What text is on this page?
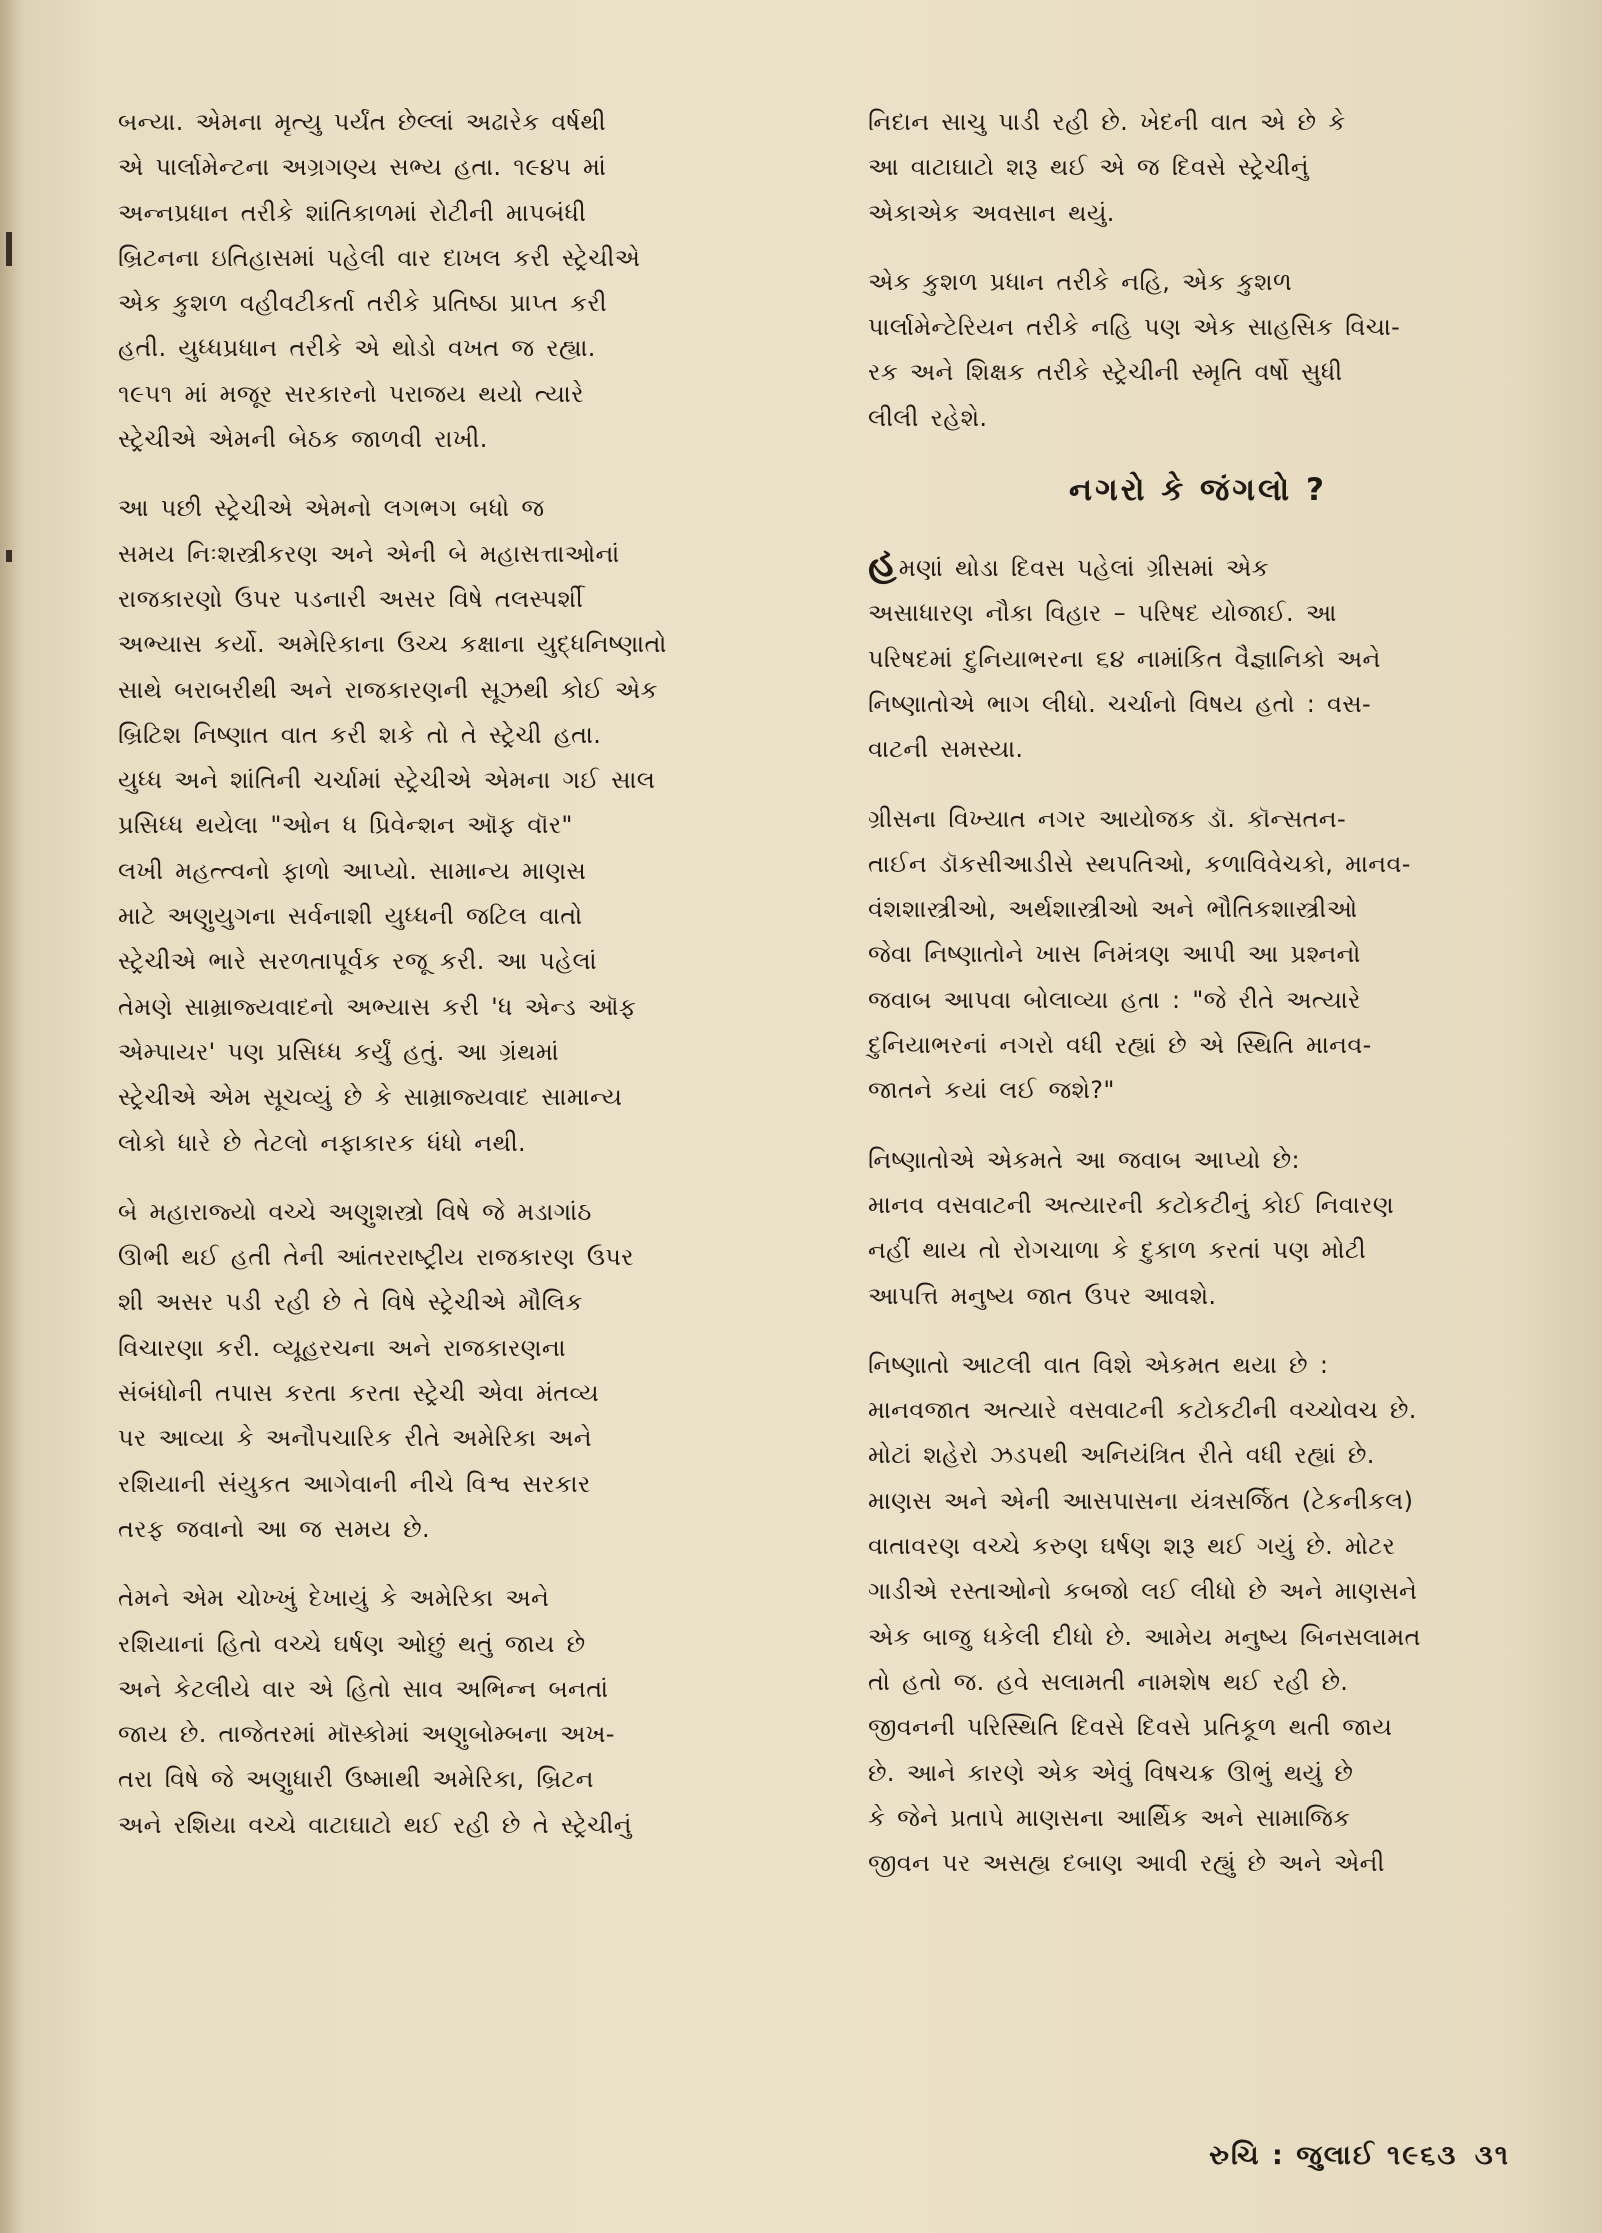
બન્યા. એમના મૃત્યુ પર્યંત છેલ્લાં અઢારેક વર્ષથી
એ પાર્લામેન્ટના અગ્રગણ્ય સભ્ય હતા. ૧૯૪૫ માં
અન્નપ્રધાન તરીકે શાંતિકાળમાં રોટીની માપબંધી
બ્રિટનના ઇતિહાસમાં પહેલી વાર દાખલ કરી સ્ટ્રેચીએ
એક કુશળ વહીવટીકર્તા તરીકે પ્રતિષ્ઠા પ્રાપ્ત કરી
હતી. યુધ્ધપ્રધાન તરીકે એ થોડો વખત જ રહ્યા.
૧૯૫૧ માં મજૂર સરકારનો પરાજય થયો ત્યારે
સ્ટ્રેચીએ એમની બેઠક જાળવી રાખી.

આ પછી સ્ટ્રેચીએ એમનો લગભગ બધો જ
સમય નિઃશસ્ત્રીકરણ અને એની બે મહાસત્તાઓનાં
રાજકારણો ઉપર પડનારી અસર વિષે તલસ્પર્શી
અભ્યાસ કર્યો. અમેરિકાના ઉચ્ચ કક્ષાના યુદ્ધનિષ્ણાતો
સાથે બરાબરીથી અને રાજકારણની સૂઝથી કોઈ એક
બ્રિટિશ નિષ્ણાત વાત કરી શકે તો તે સ્ટ્રેચી હતા.
યુધ્ધ અને શાંતિની ચર્ચામાં સ્ટ્રેચીએ એમના ગઈ સાલ
પ્રસિધ્ધ થયેલા "ઓન ધ પ્રિવેન્શન ઑફ વૉર"
લખી મહત્ત્વનો ફાળો આપ્યો. સામાન્ય માણસ
માટે અણુયુગના સર્વનાશી યુધ્ધની જટિલ વાતો
સ્ટ્રેચીએ ભારે સરળતાપૂર્વક રજૂ કરી. આ પહેલાં
તેમણે સામ્રાજ્યવાદનો અભ્યાસ કરી 'ધ એન્ડ ઑફ
એમ્પાયર' પણ પ્રસિધ્ધ કર્યું હતું. આ ગ્રંથમાં
સ્ટ્રેચીએ એમ સૂચવ્યું છે કે સામ્રાજ્યવાદ સામાન્ય
લોકો ધારે છે તેટલો નફાકારક ધંધો નથી.

બે મહારાજ્યો વચ્ચે અણુશસ્ત્રો વિષે જે મડાગાંઠ
ઊભી થઈ હતી તેની આંતરરાષ્ટ્રીય રાજકારણ ઉપર
શી અસર પડી રહી છે તે વિષે સ્ટ્રેચીએ મૌલિક
વિચારણા કરી. વ્યૂહરચના અને રાજકારણના
સંબંધોની તપાસ કરતા કરતા સ્ટ્રેચી એવા મંતવ્ય
પર આવ્યા કે અનૌપચારિક રીતે અમેરિકા અને
રશિયાની સંયુકત આગેવાની નીચે વિશ્વ સરકાર
તરફ જવાનો આ જ સમય છે.

તેમને એમ ચોખ્ખું દેખાયું કે અમેરિકા અને
રશિયાનાં હિતો વચ્ચે ઘર્ષણ ઓછું થતું જાય છે
અને કેટલીયે વાર એ હિતો સાવ અભિન્ન બનતાં
જાય છે. તાજેતરમાં મૉસ્કોમાં અણુબોમ્બના અખ-
તરા વિષે જે અણુધારી ઉષ્માથી અમેરિકા, બ્રિટન
અને રશિયા વચ્ચે વાટાઘાટો થઈ રહી છે તે સ્ટ્રેચીનું

નિદાન સાચુ પાડી રહી છે. ખેદની વાત એ છે કે
આ વાટાઘાટો શરૂ થઈ એ જ દિવસે સ્ટ્રેચીનું
એકાએક અવસાન થયું.

એક કુશળ પ્રધાન તરીકે નહિ, એક કુશળ
પાર્લામેન્ટેરિયન તરીકે નહિ પણ એક સાહસિક વિચા-
રક અને શિક્ષક તરીકે સ્ટ્રેચીની સ્મૃતિ વર્ષો સુધી
લીલી રહેશે.

નગરો કે જંગલો ?

હમણાં થોડા દિવસ પહેલાં ગ્રીસમાં એક
અસાધારણ નૌકા વિહાર – પરિષદ યોજાઈ. આ
પરિષદમાં દુનિયાભરના ૬૪ નામાંકિત વૈજ્ઞાનિકો અને
નિષ્ણાતોએ ભાગ લીધો. ચર્ચાનો વિષય હતો : વસ-
વાટની સમસ્યા.

ગ્રીસના વિખ્યાત નગર આયોજક ડૉ. કૉન્સતન-
તાઈન ડૉકસીઆડીસે સ્થપતિઓ, કળાવિવેચકો, માનવ-
વંશશાસ્ત્રીઓ, અર્થશાસ્ત્રીઓ અને ભૌતિકશાસ્ત્રીઓ
જેવા નિષ્ણાતોને ખાસ નિમંત્રણ આપી આ પ્રશ્નનો
જવાબ આપવા બોલાવ્યા હતા : "જે રીતે અત્યારે
દુનિયાભરનાં નગરો વધી રહ્યાં છે એ સ્થિતિ માનવ-
જાતને કયાં લઈ જશે?"

નિષ્ણાતોએ એકમતે આ જવાબ આપ્યો છે:
માનવ વસવાટની અત્યારની કટોકટીનું કોઈ નિવારણ
નહીં થાય તો રોગચાળા કે દુકાળ કરતાં પણ મોટી
આપત્તિ મનુષ્ય જાત ઉપર આવશે.

નિષ્ણાતો આટલી વાત વિશે એકમત થયા છે :
માનવજાત અત્યારે વસવાટની કટોકટીની વચ્ચોવચ છે.
મોટાં શહેરો ઝડપથી અનિયંત્રિત રીતે વધી રહ્યાં છે.
માણસ અને એની આસપાસના યંત્રસર્જિત (ટેકનીકલ)
વાતાવરણ વચ્ચે કરુણ ઘર્ષણ શરૂ થઈ ગયું છે. મોટર
ગાડીએ રસ્તાઓનો કબજો લઈ લીધો છે અને માણસને
એક બાજુ ધકેલી દીધો છે. આમેય મનુષ્ય બિનસલામત
તો હતો જ. હવે સલામતી નામશેષ થઈ રહી છે.
જીવનની પરિસ્થિતિ દિવસે દિવસે પ્રતિકૂળ થતી જાય
છે. આને કારણે એક એવું વિષચક્ર ઊભું થયું છે
કે જેને પ્રતાપે માણસના આર્થિક અને સામાજિક
જીવન પર અસહ્ય દબાણ આવી રહ્યું છે અને એની

રુચિ : જુલાઈ ૧૯૬૩ ૩૧
